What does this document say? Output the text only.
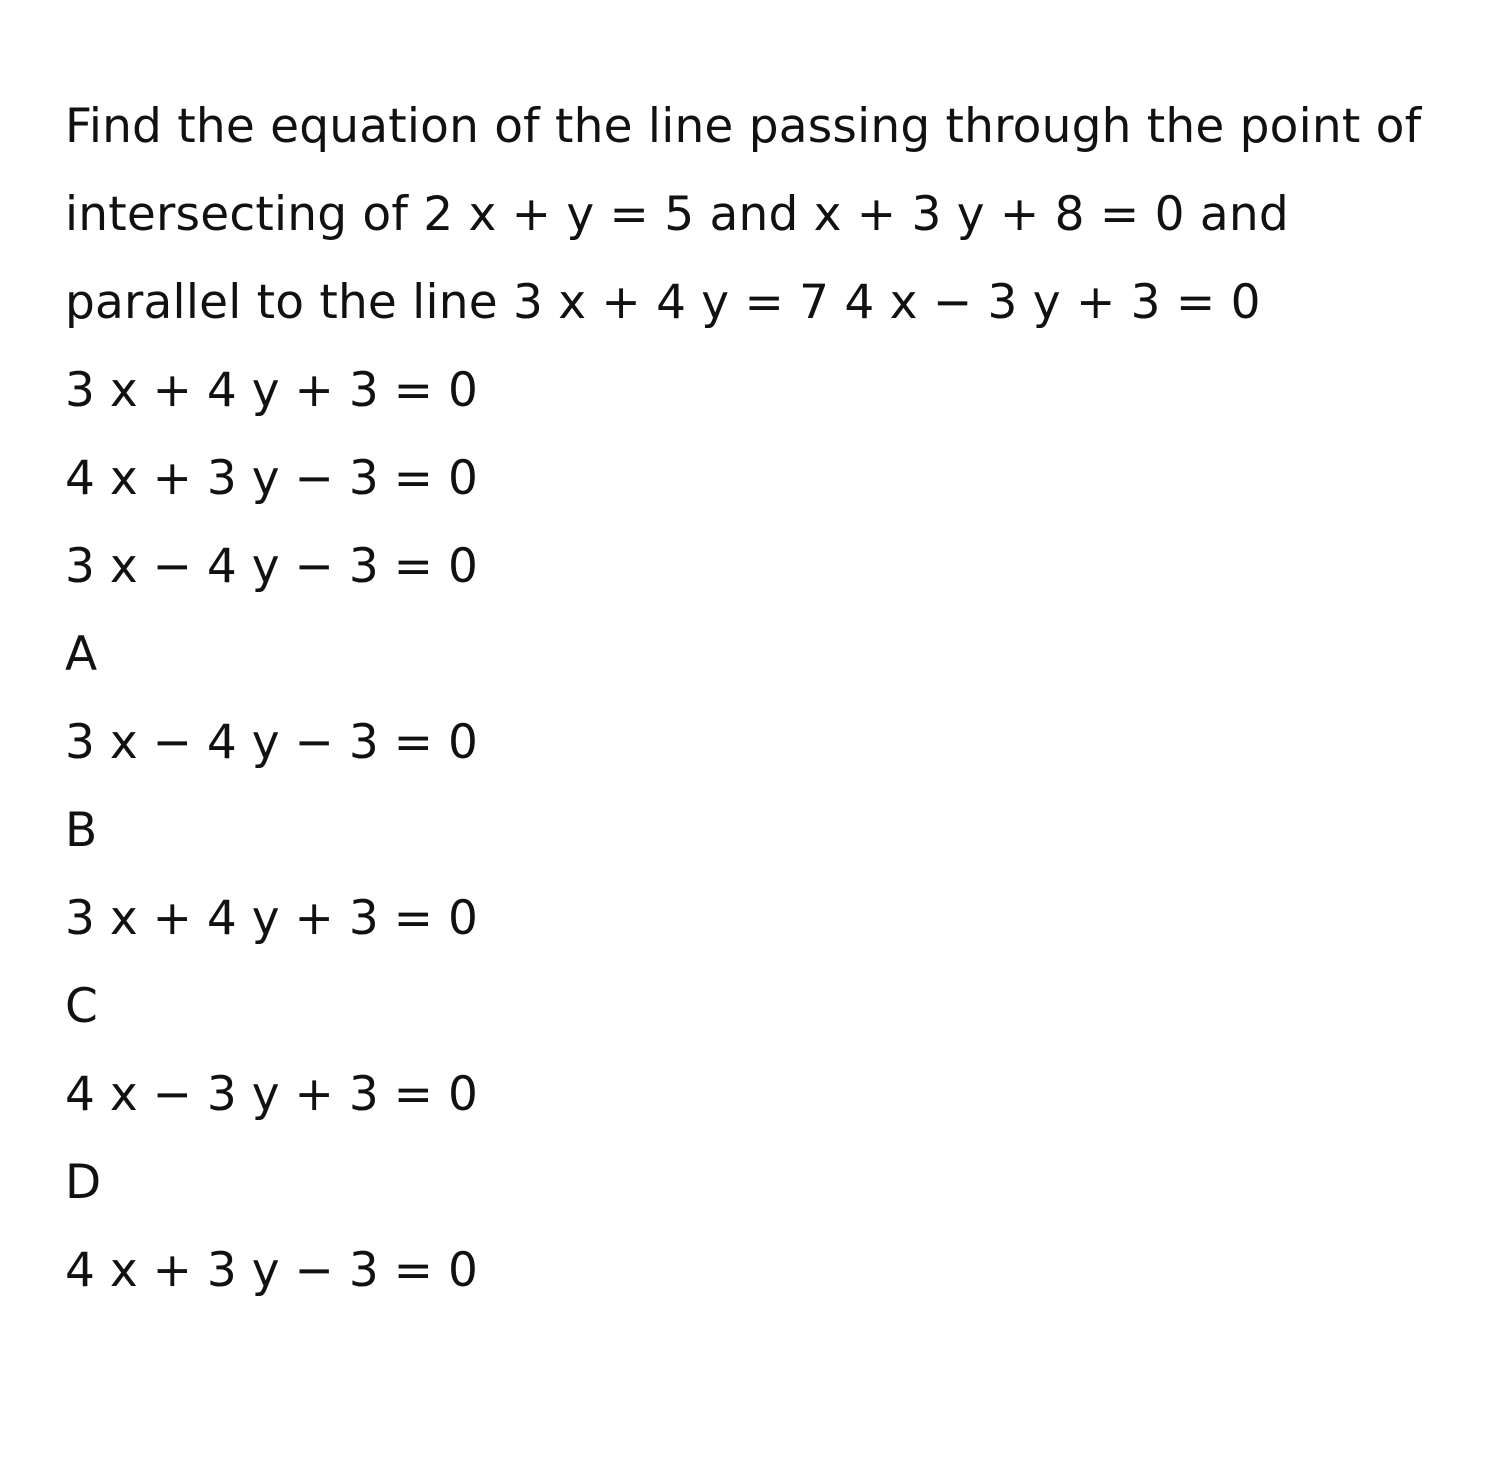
Find the equation of the line passing through the point of intersecting of 2 x + y = 5 and x + 3 y + 8 = 0 and parallel to the line 3 x + 4 y = 7 4 x − 3 y + 3 = 0

3 x + 4 y + 3 = 0
4 x + 3 y − 3 = 0
3 x − 4 y − 3 = 0
A
3 x − 4 y − 3 = 0
B
3 x + 4 y + 3 = 0
C
4 x − 3 y + 3 = 0
D
4 x + 3 y − 3 = 0
